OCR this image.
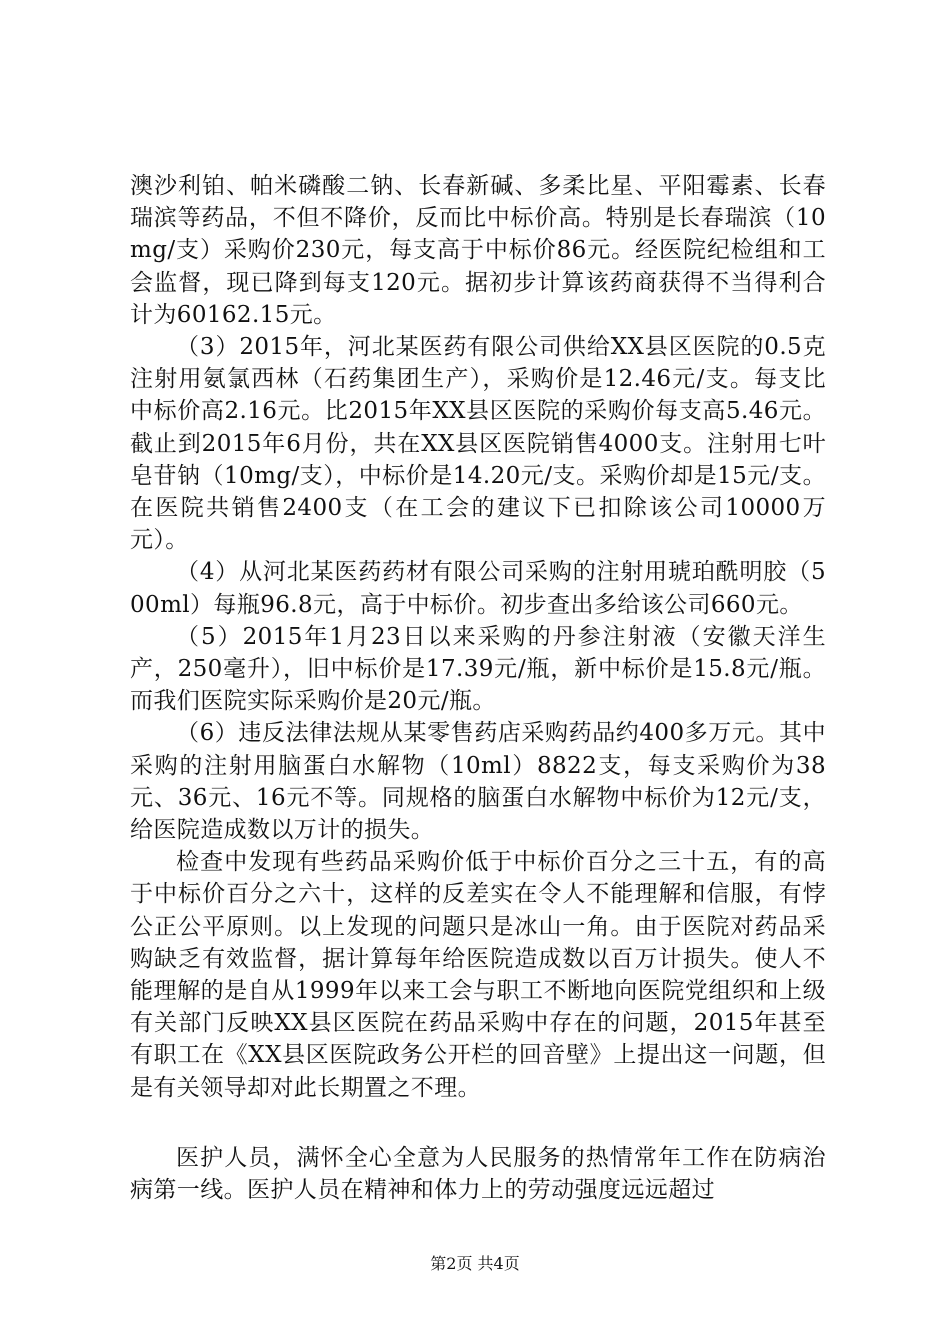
澳沙利铂、帕米磷酸二钠、长春新碱、多柔比星、平阳霉素、长春瑞滨等药品，不但不降价，反而比中标价高。特别是长春瑞滨（10mg/支）采购价230元，每支高于中标价86元。经医院纪检组和工会监督，现已降到每支120元。据初步计算该药商获得不当得利合计为60162.15元。

（3）2015年，河北某医药有限公司供给XX县区医院的0.5克注射用氨氯西林（石药集团生产），采购价是12.46元/支。每支比中标价高2.16元。比2015年XX县区医院的采购价每支高5.46元。截止到2015年6月份，共在XX县区医院销售4000支。注射用七叶皂苷钠（10mg/支），中标价是14.20元/支。采购价却是15元/支。在医院共销售2400支（在工会的建议下已扣除该公司10000万元）。

（4）从河北某医药药材有限公司采购的注射用琥珀酰明胶（500ml）每瓶96.8元，高于中标价。初步查出多给该公司660元。

（5）2015年1月23日以来采购的丹参注射液（安徽天洋生产，250毫升），旧中标价是17.39元/瓶，新中标价是15.8元/瓶。而我们医院实际采购价是20元/瓶。

（6）违反法律法规从某零售药店采购药品约400多万元。其中采购的注射用脑蛋白水解物（10ml）8822支，每支采购价为38元、36元、16元不等。同规格的脑蛋白水解物中标价为12元/支，给医院造成数以万计的损失。

检查中发现有些药品采购价低于中标价百分之三十五，有的高于中标价百分之六十，这样的反差实在令人不能理解和信服，有悖公正公平原则。以上发现的问题只是冰山一角。由于医院对药品采购缺乏有效监督，据计算每年给医院造成数以百万计损失。使人不能理解的是自从1999年以来工会与职工不断地向医院党组织和上级有关部门反映XX县区医院在药品采购中存在的问题，2015年甚至有职工在《XX县区医院政务公开栏的回音壁》上提出这一问题，但是有关领导却对此长期置之不理。

医护人员，满怀全心全意为人民服务的热情常年工作在防病治病第一线。医护人员在精神和体力上的劳动强度远远超过

第2页 共4页
